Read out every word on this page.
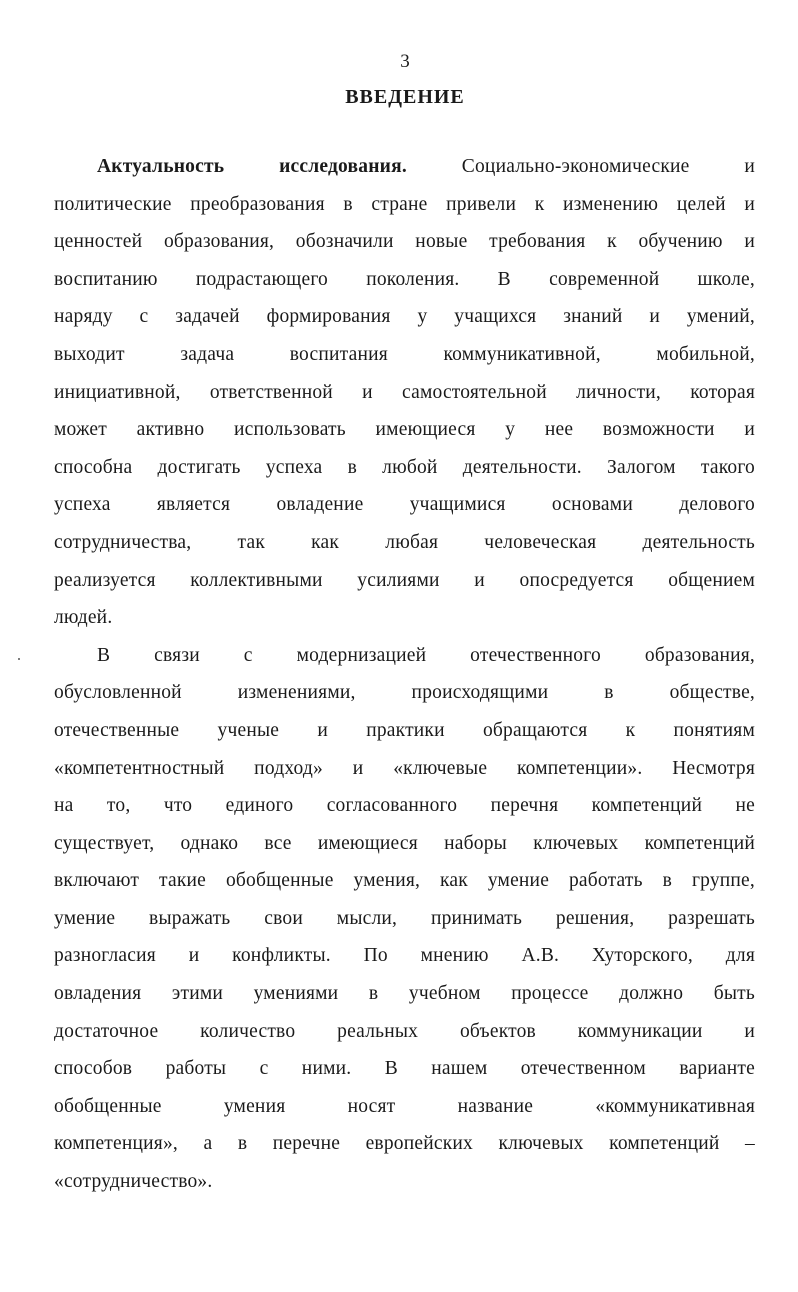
3
ВВЕДЕНИЕ
Актуальность исследования. Социально-экономические и
политические преобразования в стране привели к изменению целей и
ценностей образования, обозначили новые требования к обучению и
воспитанию подрастающего поколения. В современной школе,
наряду с задачей формирования у учащихся знаний и умений,
выходит задача воспитания коммуникативной, мобильной,
инициативной, ответственной и самостоятельной личности, которая
может активно использовать имеющиеся у нее возможности и
способна достигать успеха в любой деятельности. Залогом такого
успеха является овладение учащимися основами делового
сотрудничества, так как любая человеческая деятельность
реализуется коллективными усилиями и опосредуется общением
людей.
В связи с модернизацией отечественного образования,
обусловленной изменениями, происходящими в обществе,
отечественные ученые и практики обращаются к понятиям
«компетентностный подход» и «ключевые компетенции». Несмотря
на то, что единого согласованного перечня компетенций не
существует, однако все имеющиеся наборы ключевых компетенций
включают такие обобщенные умения, как умение работать в группе,
умение выражать свои мысли, принимать решения, разрешать
разногласия и конфликты. По мнению А.В. Хуторского, для
овладения этими умениями в учебном процессе должно быть
достаточное количество реальных объектов коммуникации и
способов работы с ними. В нашем отечественном варианте
обобщенные умения носят название «коммуникативная
компетенция», а в перечне европейских ключевых компетенций –
«сотрудничество».
